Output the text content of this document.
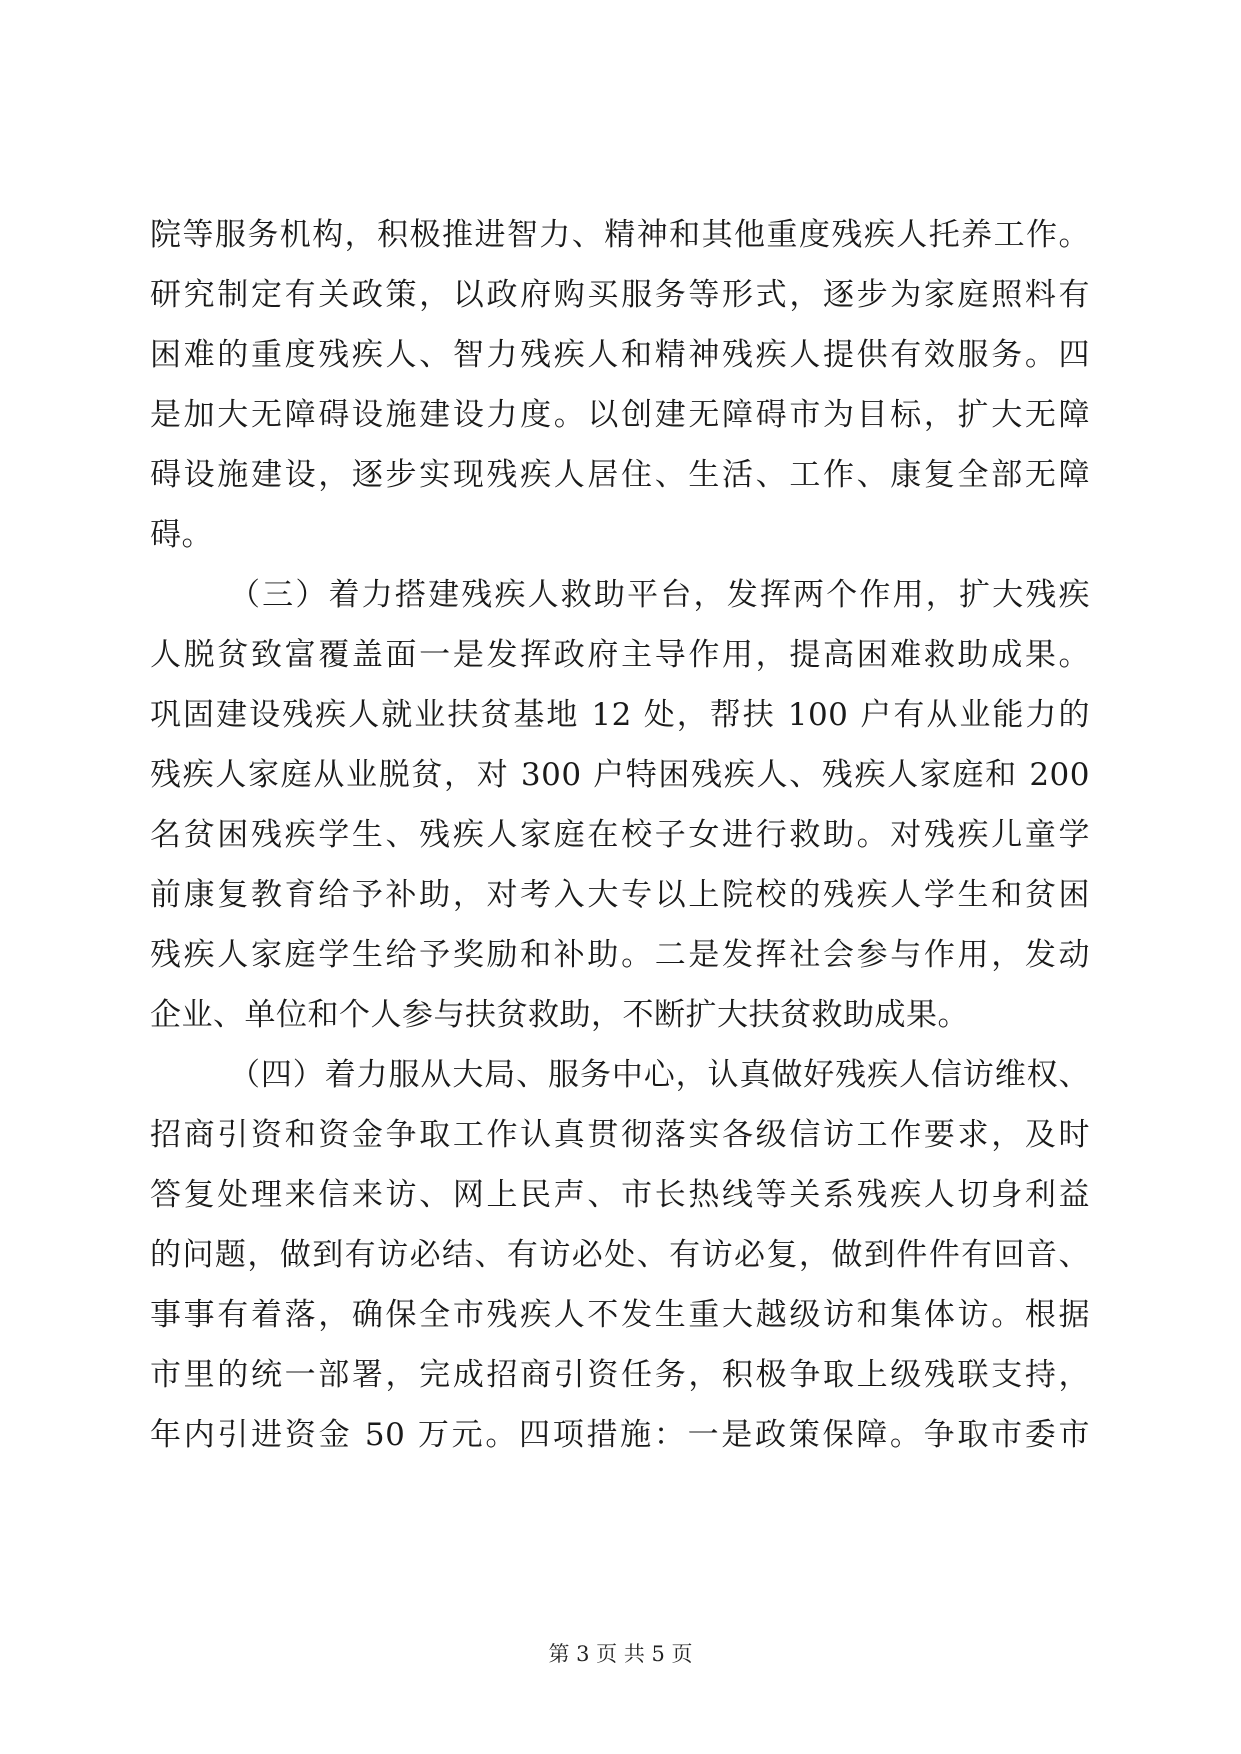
院等服务机构，积极推进智力、精神和其他重度残疾人托养工作。
研究制定有关政策，以政府购买服务等形式，逐步为家庭照料有
困难的重度残疾人、智力残疾人和精神残疾人提供有效服务。四
是加大无障碍设施建设力度。以创建无障碍市为目标，扩大无障
碍设施建设，逐步实现残疾人居住、生活、工作、康复全部无障
碍。
（三）着力搭建残疾人救助平台，发挥两个作用，扩大残疾
人脱贫致富覆盖面一是发挥政府主导作用，提高困难救助成果。
巩固建设残疾人就业扶贫基地 12 处，帮扶 100 户有从业能力的
残疾人家庭从业脱贫，对 300 户特困残疾人、残疾人家庭和 200
名贫困残疾学生、残疾人家庭在校子女进行救助。对残疾儿童学
前康复教育给予补助，对考入大专以上院校的残疾人学生和贫困
残疾人家庭学生给予奖励和补助。二是发挥社会参与作用，发动
企业、单位和个人参与扶贫救助，不断扩大扶贫救助成果。
（四）着力服从大局、服务中心，认真做好残疾人信访维权、
招商引资和资金争取工作认真贯彻落实各级信访工作要求，及时
答复处理来信来访、网上民声、市长热线等关系残疾人切身利益
的问题，做到有访必结、有访必处、有访必复，做到件件有回音、
事事有着落，确保全市残疾人不发生重大越级访和集体访。根据
市里的统一部署，完成招商引资任务，积极争取上级残联支持，
年内引进资金 50 万元。四项措施：一是政策保障。争取市委市
第 3 页 共 5 页
